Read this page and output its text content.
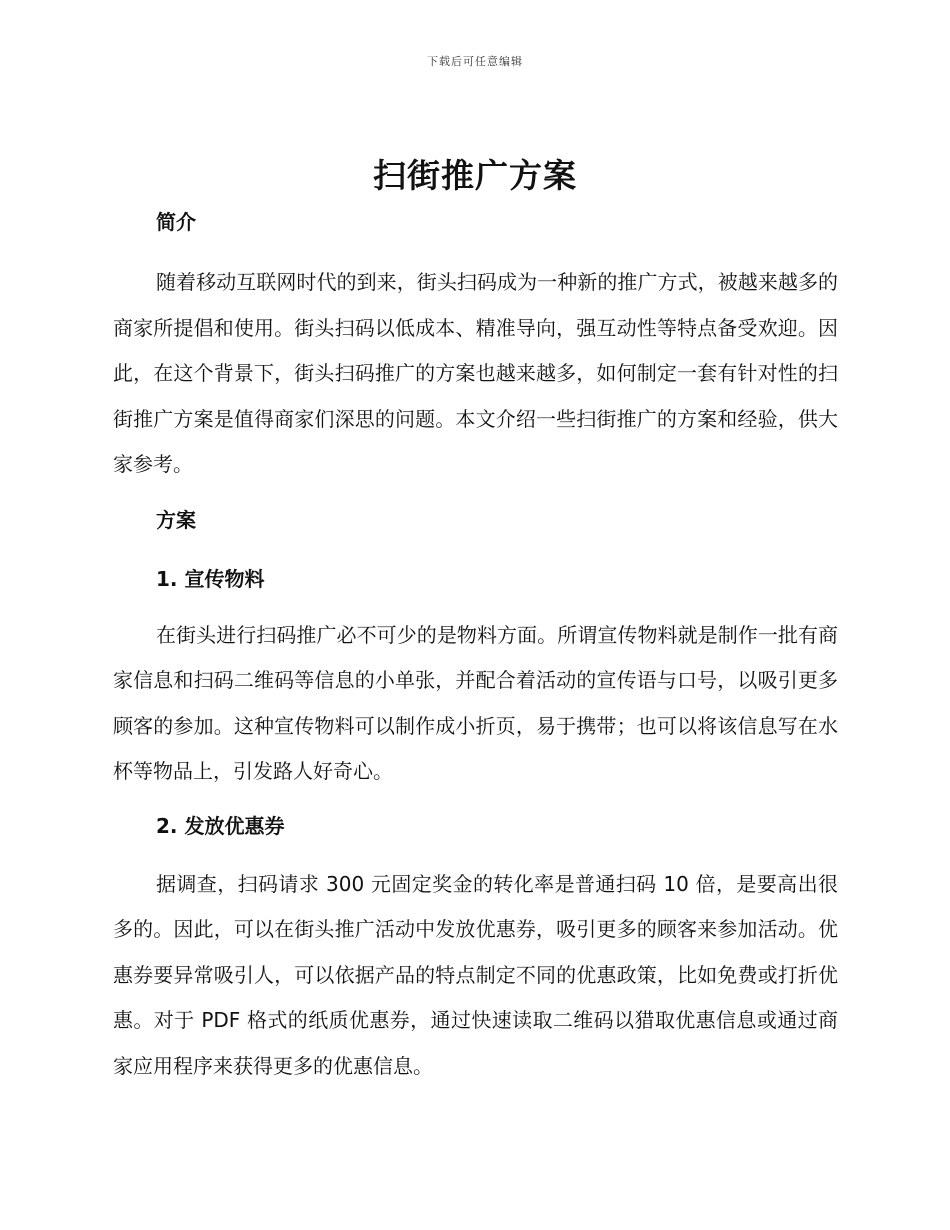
下载后可任意编辑
扫街推广方案
简介

随着移动互联网时代的到来，街头扫码成为一种新的推广方式，被越来越多的商家所提倡和使用。街头扫码以低成本、精准导向，强互动性等特点备受欢迎。因此，在这个背景下，街头扫码推广的方案也越来越多，如何制定一套有针对性的扫街推广方案是值得商家们深思的问题。本文介绍一些扫街推广的方案和经验，供大家参考。

方案
1. 宣传物料

在街头进行扫码推广必不可少的是物料方面。所谓宣传物料就是制作一批有商家信息和扫码二维码等信息的小单张，并配合着活动的宣传语与口号，以吸引更多顾客的参加。这种宣传物料可以制作成小折页，易于携带；也可以将该信息写在水杯等物品上，引发路人好奇心。

2. 发放优惠券

据调查，扫码请求 300 元固定奖金的转化率是普通扫码 10 倍，是要高出很多的。因此，可以在街头推广活动中发放优惠券，吸引更多的顾客来参加活动。优惠券要异常吸引人，可以依据产品的特点制定不同的优惠政策，比如免费或打折优惠。对于 PDF 格式的纸质优惠券，通过快速读取二维码以猎取优惠信息或通过商家应用程序来获得更多的优惠信息。
